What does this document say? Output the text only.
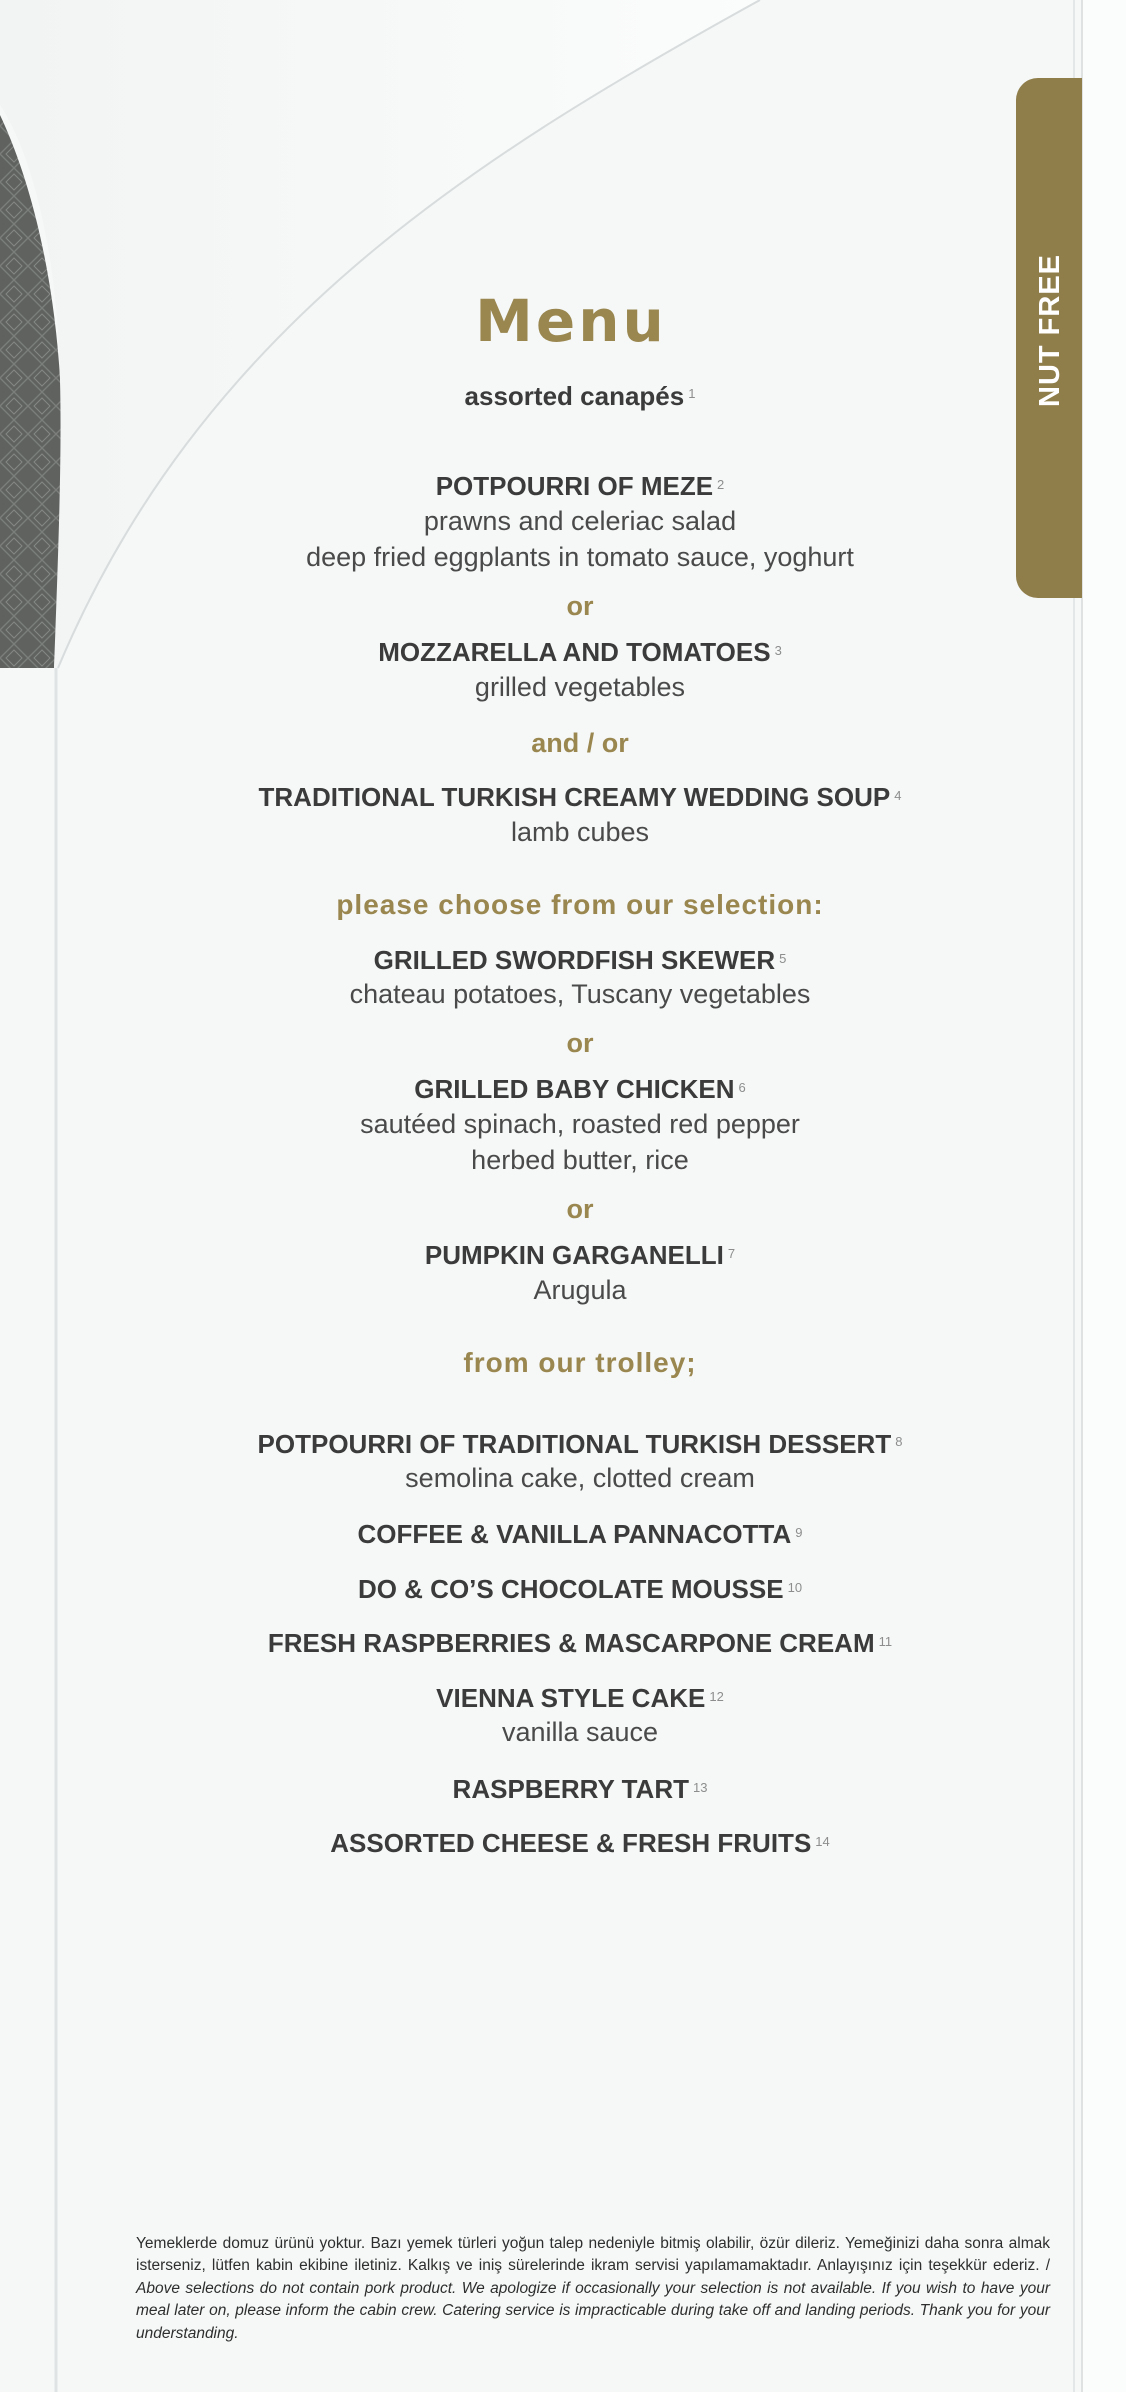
NUT FREE
Menu
assorted canapés $^1$
POTPOURRI OF MEZE $^2$
prawns and celeriac salad
deep fried eggplants in tomato sauce, yoghurt
or
MOZZARELLA AND TOMATOES $^3$
grilled vegetables
and / or
TRADITIONAL TURKISH CREAMY WEDDING SOUP $^4$
lamb cubes
please choose from our selection:
GRILLED SWORDFISH SKEWER $^5$
chateau potatoes, Tuscany vegetables
or
GRILLED BABY CHICKEN $^6$
sautéed spinach, roasted red pepper
herbed butter, rice
or
PUMPKIN GARGANELLI $^7$
Arugula
from our trolley;
POTPOURRI OF TRADITIONAL TURKISH DESSERT $^8$
semolina cake, clotted cream
COFFEE & VANILLA PANNACOTTA $^9$
DO & CO’S CHOCOLATE MOUSSE $^{10}$
FRESH RASPBERRIES & MASCARPONE CREAM $^{11}$
VIENNA STYLE CAKE $^{12}$
vanilla sauce
RASPBERRY TART $^{13}$
ASSORTED CHEESE & FRESH FRUITS $^{14}$
Yemeklerde domuz ürünü yoktur. Bazı yemek türleri yoğun talep nedeniyle bitmiş olabilir, özür dileriz. Yemeğinizi daha sonra almak isterseniz, lütfen kabin ekibine iletiniz. Kalkış ve iniş sürelerinde ikram servisi yapılamamaktadır. Anlayışınız için teşekkür ederiz. / Above selections do not contain pork product. We apologize if occasionally your selection is not available. If you wish to have your meal later on, please inform the cabin crew. Catering service is impracticable during take off and landing periods. Thank you for your understanding.
